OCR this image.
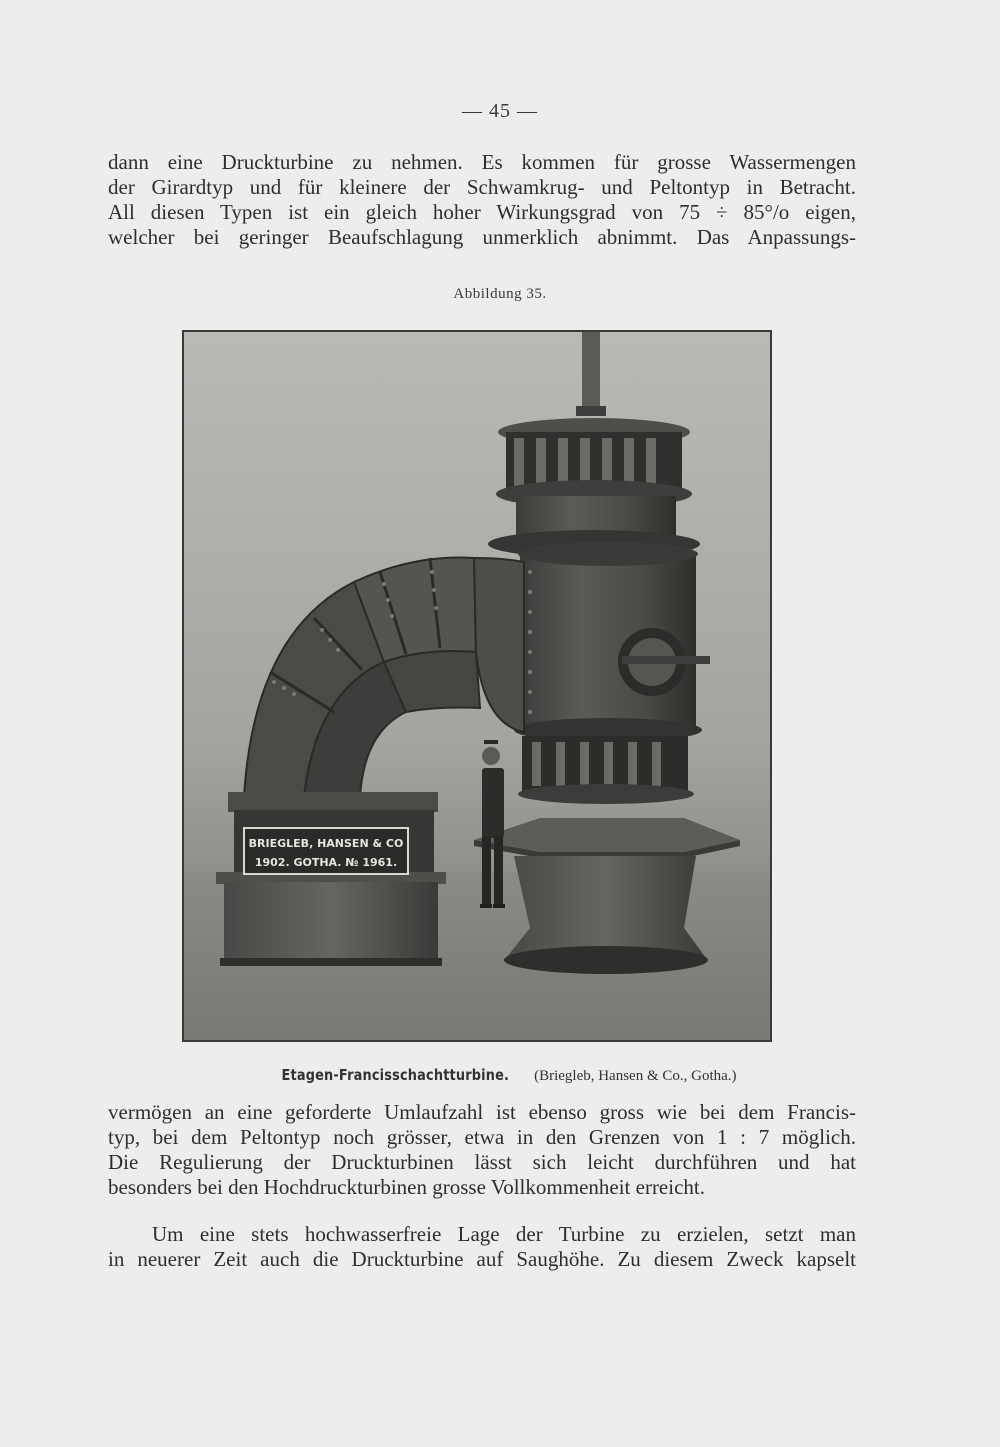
— 45 —
dann eine Druckturbine zu nehmen. Es kommen für grosse Wassermengen
der Girardtyp und für kleinere der Schwamkrug- und Peltontyp in Betracht.
All diesen Typen ist ein gleich hoher Wirkungsgrad von 75 ÷ 85°/o eigen,
welcher bei geringer Beaufschlagung unmerklich abnimmt. Das Anpassungs-
Abbildung 35.
BRIEGLEB, HANSEN & CO
1902. GOTHA. № 1961.
Etagen-Francisschachtturbine. (Briegleb, Hansen & Co., Gotha.)
vermögen an eine geforderte Umlaufzahl ist ebenso gross wie bei dem Francis-
typ, bei dem Peltontyp noch grösser, etwa in den Grenzen von 1 : 7 möglich.
Die Regulierung der Druckturbinen lässt sich leicht durchführen und hat
besonders bei den Hochdruckturbinen grosse Vollkommenheit erreicht.
Um eine stets hochwasserfreie Lage der Turbine zu erzielen, setzt man
in neuerer Zeit auch die Druckturbine auf Saughöhe. Zu diesem Zweck kapselt
